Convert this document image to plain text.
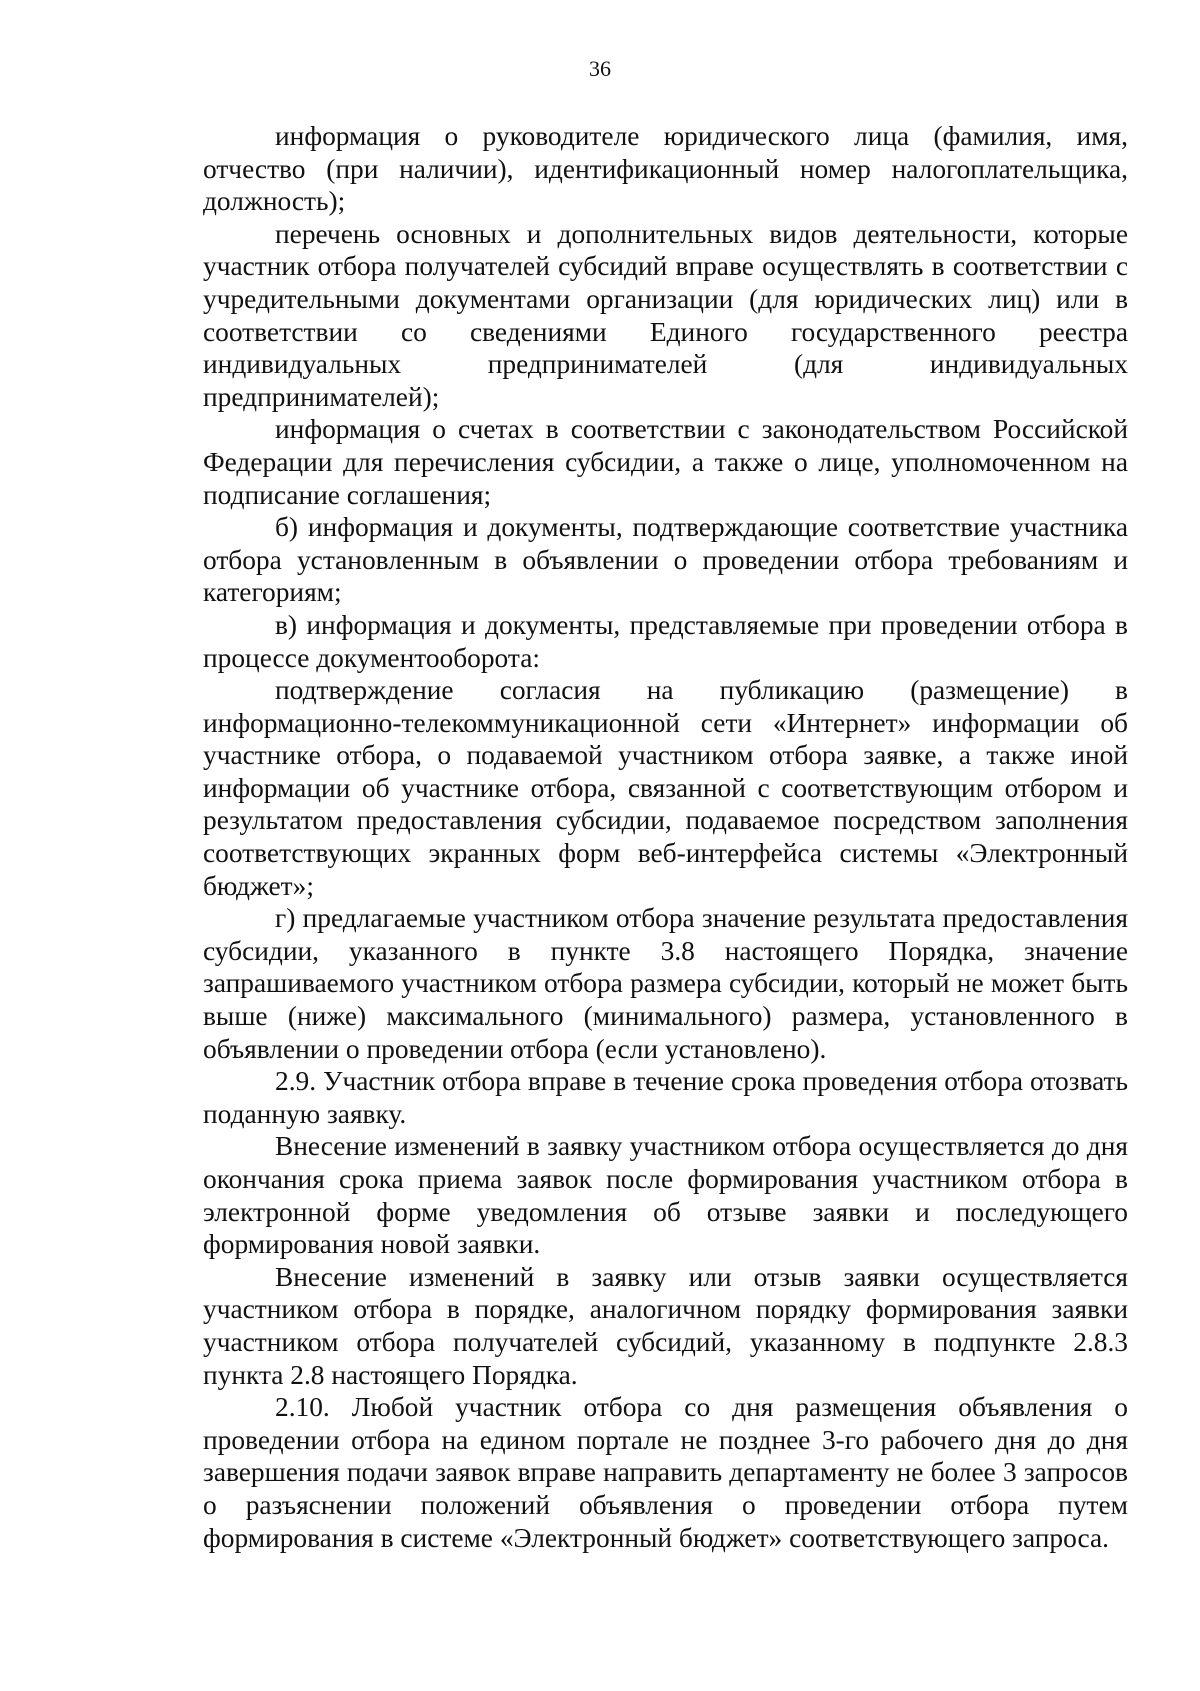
36

информация о руководителе юридического лица (фамилия, имя, отчество (при наличии), идентификационный номер налогоплательщика, должность);

перечень основных и дополнительных видов деятельности, которые участник отбора получателей субсидий вправе осуществлять в соответствии с учредительными документами организации (для юридических лиц) или в соответствии со сведениями Единого государственного реестра индивидуальных предпринимателей (для индивидуальных предпринимателей);

информация о счетах в соответствии с законодательством Российской Федерации для перечисления субсидии, а также о лице, уполномоченном на подписание соглашения;

б) информация и документы, подтверждающие соответствие участника отбора установленным в объявлении о проведении отбора требованиям и категориям;

в) информация и документы, представляемые при проведении отбора в процессе документооборота:

подтверждение согласия на публикацию (размещение) в информационно-телекоммуникационной сети «Интернет» информации об участнике отбора, о подаваемой участником отбора заявке, а также иной информации об участнике отбора, связанной с соответствующим отбором и результатом предоставления субсидии, подаваемое посредством заполнения соответствующих экранных форм веб-интерфейса системы «Электронный бюджет»;

г) предлагаемые участником отбора значение результата предоставления субсидии, указанного в пункте 3.8 настоящего Порядка, значение запрашиваемого участником отбора размера субсидии, который не может быть выше (ниже) максимального (минимального) размера, установленного в объявлении о проведении отбора (если установлено).

2.9. Участник отбора вправе в течение срока проведения отбора отозвать поданную заявку.

Внесение изменений в заявку участником отбора осуществляется до дня окончания срока приема заявок после формирования участником отбора в электронной форме уведомления об отзыве заявки и последующего формирования новой заявки.

Внесение изменений в заявку или отзыв заявки осуществляется участником отбора в порядке, аналогичном порядку формирования заявки участником отбора получателей субсидий, указанному в подпункте 2.8.3 пункта 2.8 настоящего Порядка.

2.10. Любой участник отбора со дня размещения объявления о проведении отбора на едином портале не позднее 3-го рабочего дня до дня завершения подачи заявок вправе направить департаменту не более 3 запросов о разъяснении положений объявления о проведении отбора путем формирования в системе «Электронный бюджет» соответствующего запроса.
